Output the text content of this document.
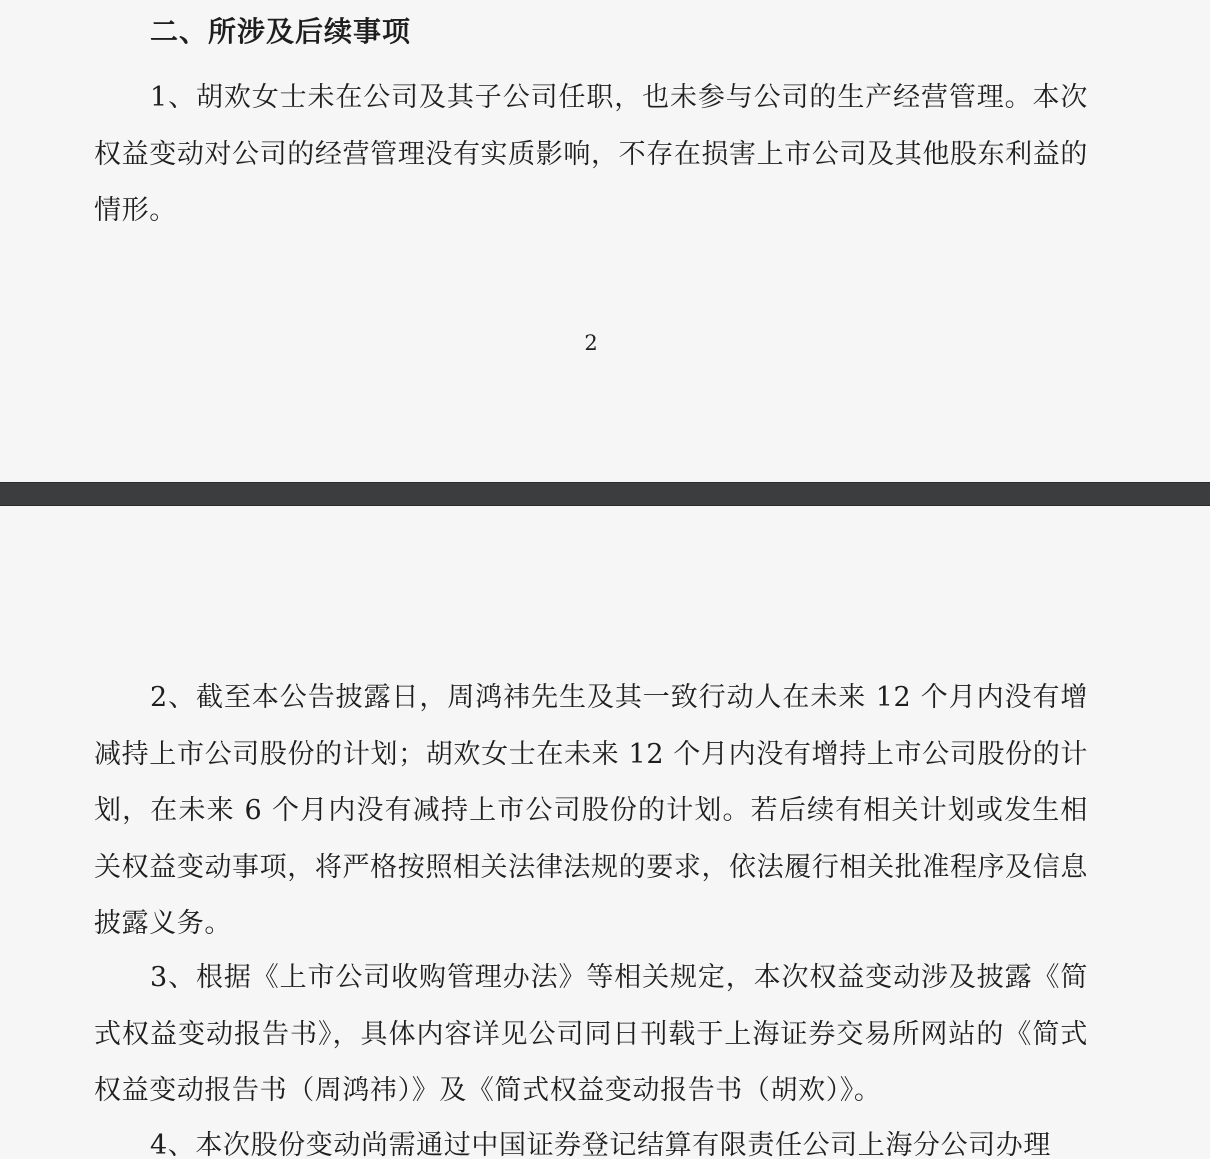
二、所涉及后续事项

1、胡欢女士未在公司及其子公司任职，也未参与公司的生产经营管理。本次权益变动对公司的经营管理没有实质影响，不存在损害上市公司及其他股东利益的情形。

2

2、截至本公告披露日，周鸿祎先生及其一致行动人在未来 12 个月内没有增减持上市公司股份的计划；胡欢女士在未来 12 个月内没有增持上市公司股份的计划，在未来 6 个月内没有减持上市公司股份的计划。若后续有相关计划或发生相关权益变动事项，将严格按照相关法律法规的要求，依法履行相关批准程序及信息披露义务。

3、根据《上市公司收购管理办法》等相关规定，本次权益变动涉及披露《简式权益变动报告书》，具体内容详见公司同日刊载于上海证券交易所网站的《简式权益变动报告书（周鸿祎）》及《简式权益变动报告书（胡欢）》。

4、本次股份变动尚需通过中国证券登记结算有限责任公司上海分公司办理
